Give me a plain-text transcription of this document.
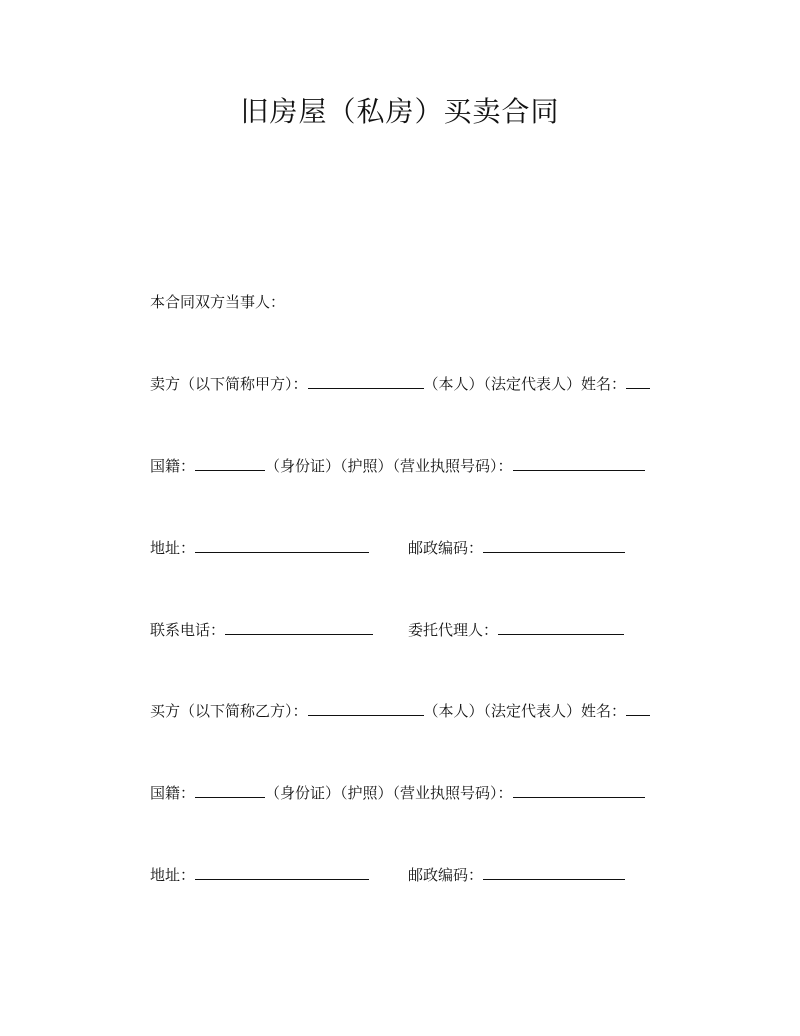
旧房屋（私房）买卖合同
本合同双方当事人：
卖方（以下简称甲方）：	（本人）（法定代表人）姓名：
国籍：	（身份证）（护照）（营业执照号码）：
地址：	邮政编码：
联系电话：	委托代理人：
买方（以下简称乙方）：	（本人）（法定代表人）姓名：
国籍：	（身份证）（护照）（营业执照号码）：
地址：	邮政编码：
